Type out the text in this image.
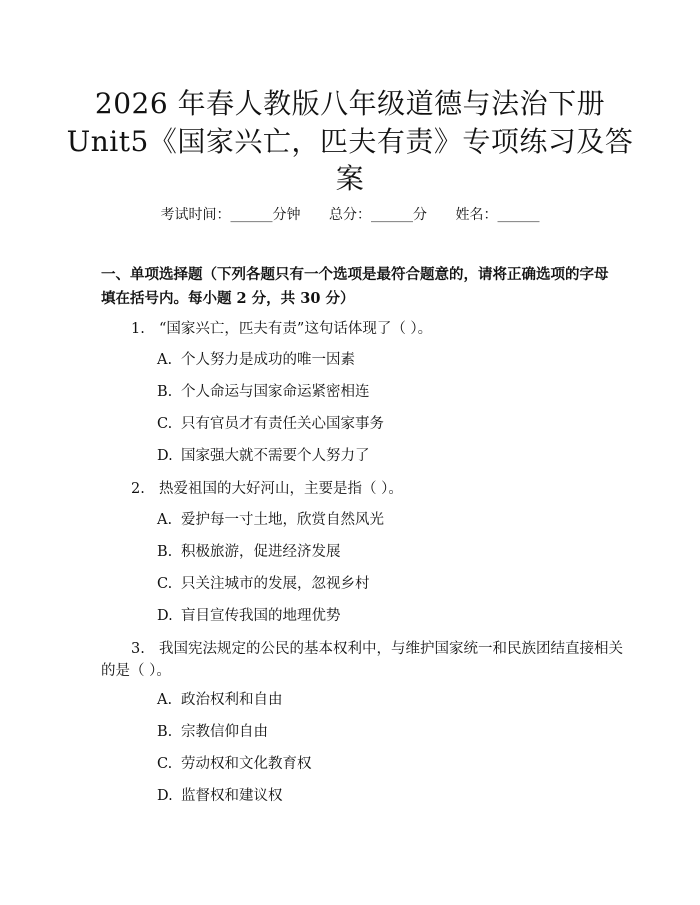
2026 年春人教版八年级道德与法治下册
Unit5《国家兴亡，匹夫有责》专项练习及答
案
考试时间：______分钟 总分：______分 姓名：______
一、单项选择题（下列各题只有一个选项是最符合题意的，请将正确选项的字母
填在括号内。每小题 2 分，共 30 分）
1. “国家兴亡，匹夫有责”这句话体现了（ ）。
A. 个人努力是成功的唯一因素
B. 个人命运与国家命运紧密相连
C. 只有官员才有责任关心国家事务
D. 国家强大就不需要个人努力了
2. 热爱祖国的大好河山，主要是指（ ）。
A. 爱护每一寸土地，欣赏自然风光
B. 积极旅游，促进经济发展
C. 只关注城市的发展，忽视乡村
D. 盲目宣传我国的地理优势
3. 我国宪法规定的公民的基本权利中，与维护国家统一和民族团结直接相关
的是（ ）。
A. 政治权利和自由
B. 宗教信仰自由
C. 劳动权和文化教育权
D. 监督权和建议权
